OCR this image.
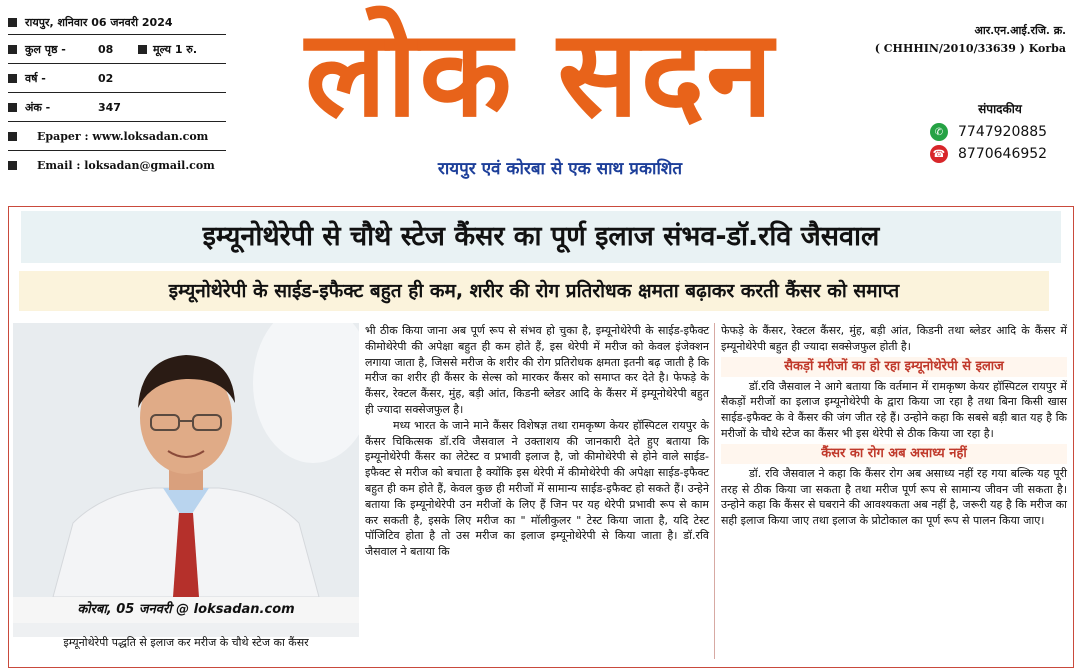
रायपुर, शनिवार 06 जनवरी 2024
कुल पृष्ठ -	08	मूल्य 1 रु.
वर्ष -	02
अंक -	347
Epaper : www.loksadan.com
Email : loksadan@gmail.com
लोक सदन
रायपुर एवं कोरबा से एक साथ प्रकाशित
आर.एन.आई.रजि. क्र.
( CHHHIN/2010/33639 ) Korba
संपादकीय
✆	7747920885
☎ 8770646952
इम्यूनोथेरेपी से चौथे स्टेज कैंसर का पूर्ण इलाज संभव-डॉ.रवि जैसवाल
इम्यूनोथेरेपी के साईड-इफैक्ट बहुत ही कम, शरीर की रोग प्रतिरोधक क्षमता बढ़ाकर करती कैंसर को समाप्त
कोरबा, 05 जनवरी @ loksadan.com
इम्यूनोथेरेपी पद्धति से इलाज कर मरीज के चौथे स्टेज का कैंसर

भी ठीक किया जाना अब पूर्ण रूप से संभव हो चुका है, इम्यूनोथेरेपी के साईड-इफैक्ट कीमोथेरेपी की अपेक्षा बहुत ही कम होते हैं, इस थेरेपी में मरीज को केवल इंजेक्शन लगाया जाता है, जिससे मरीज के शरीर की रोग प्रतिरोधक क्षमता इतनी बढ़ जाती है कि मरीज का शरीर ही कैंसर के सेल्स को मारकर कैंसर को समाप्त कर देते है। फेफड़े के कैंसर, रेक्टल कैंसर, मुंह, बड़ी आंत, किडनी ब्लेडर आदि के कैंसर में इम्यूनोथेरेपी बहुत ही ज्यादा सक्सेजफुल है।

मध्य भारत के जाने माने कैंसर विशेषज्ञ तथा रामकृष्ण केयर हॉस्पिटल रायपुर के कैंसर चिकित्सक डॉ.रवि जैसवाल ने उक्ताशय की जानकारी देते हुए बताया कि इम्यूनोथेरेपी कैंसर का लेटेस्ट व प्रभावी इलाज है, जो कीमोथेरेपी से होने वाले साईड-इफैक्ट से मरीज को बचाता है क्योंकि इस थेरेपी में कीमोथेरेपी की अपेक्षा साईड-इफैक्ट बहुत ही कम होते हैं, केवल कुछ ही मरीजों में सामान्य साईड-इफैक्ट हो सकते हैं। उन्हेने बताया कि इम्यूनोथेरेपी उन मरीजों के लिए हैं जिन पर यह थेरेपी प्रभावी रूप से काम कर सकती है, इसके लिए मरीज का " मॉलीकुलर " टेस्ट किया जाता है, यदि टेस्ट पॉजिटिव होता है तो उस मरीज का इलाज इम्यूनोथेरेपी से किया जाता है। डॉ.रवि जैसवाल ने बताया कि

फेफड़े के कैंसर, रेक्टल कैंसर, मुंह, बड़ी आंत, किडनी तथा ब्लेडर आदि के कैंसर में इम्यूनोथेरेपी बहुत ही ज्यादा सक्सेजफुल होती है।

सैकड़ों मरीजों का हो रहा इम्यूनोथेरेपी से इलाज

डॉ.रवि जैसवाल ने आगे बताया कि वर्तमान में रामकृष्ण केयर हॉस्पिटल रायपुर में सैकड़ों मरीजों का इलाज इम्यूनोथेरेपी के द्वारा किया जा रहा है तथा बिना किसी खास साईड-इफैक्ट के वे कैंसर की जंग जीत रहे हैं। उन्होने कहा कि सबसे बड़ी बात यह है कि मरीजों के चौथे स्टेज का कैंसर भी इस थेरेपी से ठीक किया जा रहा है।

कैंसर का रोग अब असाध्य नहीं

डॉ. रवि जैसवाल ने कहा कि कैंसर रोग अब असाध्य नहीं रह गया बल्कि यह पूरी तरह से ठीक किया जा सकता है तथा मरीज पूर्ण रूप से सामान्य जीवन जी सकता है। उन्होने कहा कि कैंसर से घबराने की आवश्यकता अब नहीं है, जरूरी यह है कि मरीज का सही इलाज किया जाए तथा इलाज के प्रोटोकाल का पूर्ण रूप से पालन किया जाए।
